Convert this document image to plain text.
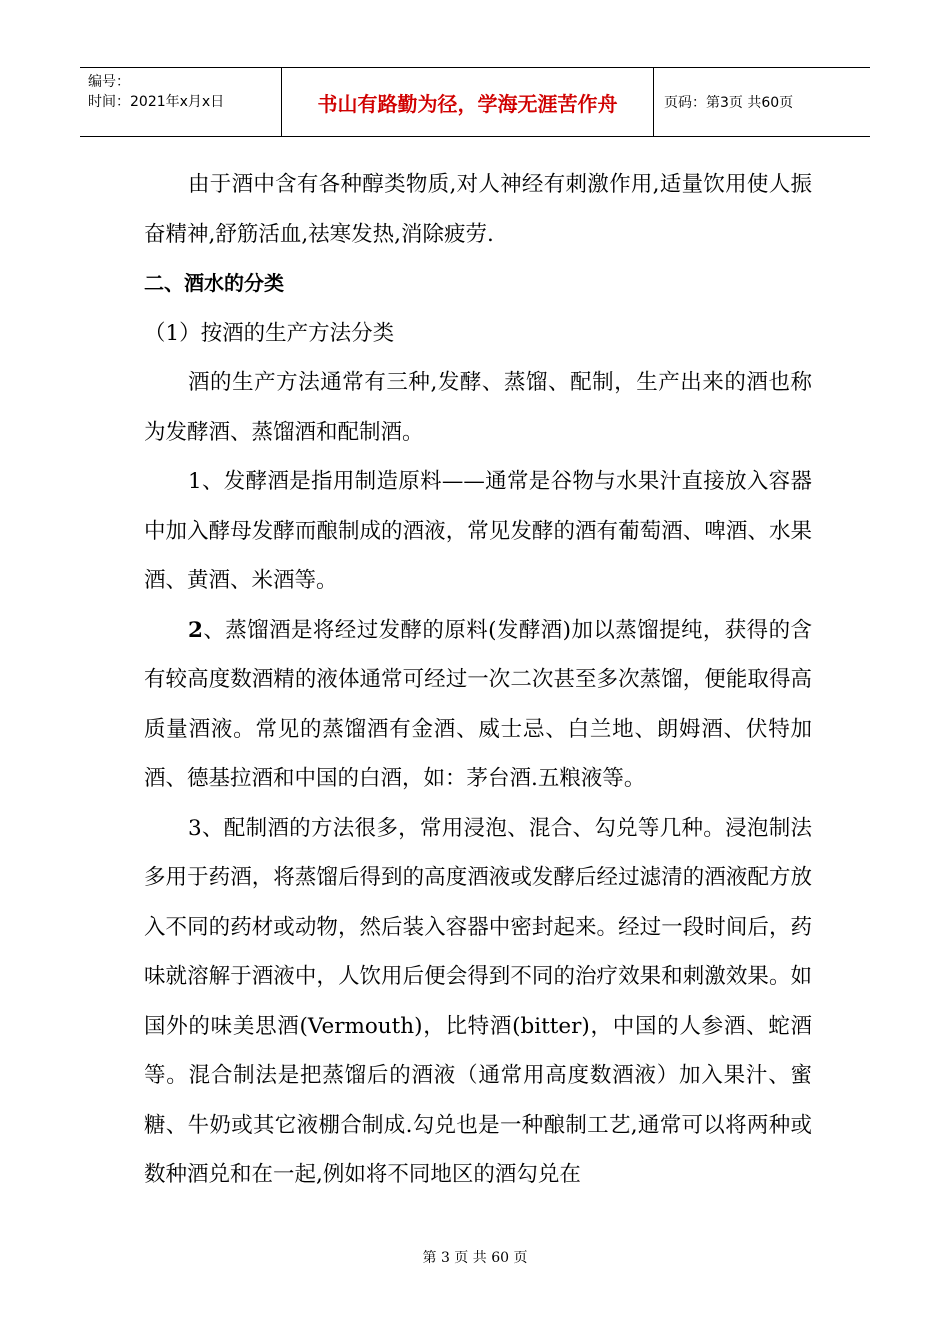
编号：
时间：2021年x月x日	书山有路勤为径，学海无涯苦作舟	页码：第3页 共60页

由于酒中含有各种醇类物质,对人神经有刺激作用,适量饮用使人振奋精神,舒筋活血,祛寒发热,消除疲劳.

二、酒水的分类

（1）按酒的生产方法分类

酒的生产方法通常有三种,发酵、蒸馏、配制，生产出来的酒也称为发酵酒、蒸馏酒和配制酒。

1、发酵酒是指用制造原料——通常是谷物与水果汁直接放入容器中加入酵母发酵而酿制成的酒液，常见发酵的酒有葡萄酒、啤酒、水果酒、黄酒、米酒等。

2、蒸馏酒是将经过发酵的原料(发酵酒)加以蒸馏提纯，获得的含有较高度数酒精的液体通常可经过一次二次甚至多次蒸馏，便能取得高质量酒液。常见的蒸馏酒有金酒、威士忌、白兰地、朗姆酒、伏特加酒、德基拉酒和中国的白酒，如：茅台酒.五粮液等。

3、配制酒的方法很多，常用浸泡、混合、勾兑等几种。浸泡制法多用于药酒，将蒸馏后得到的高度酒液或发酵后经过滤清的酒液配方放入不同的药材或动物，然后装入容器中密封起来。经过一段时间后，药味就溶解于酒液中，人饮用后便会得到不同的治疗效果和刺激效果。如国外的味美思酒(Vermouth)，比特酒(bitter)，中国的人参酒、蛇酒等。混合制法是把蒸馏后的酒液（通常用高度数酒液）加入果汁、蜜糖、牛奶或其它液棚合制成.勾兑也是一种酿制工艺,通常可以将两种或数种酒兑和在一起,例如将不同地区的酒勾兑在

第 3 页 共 60 页
